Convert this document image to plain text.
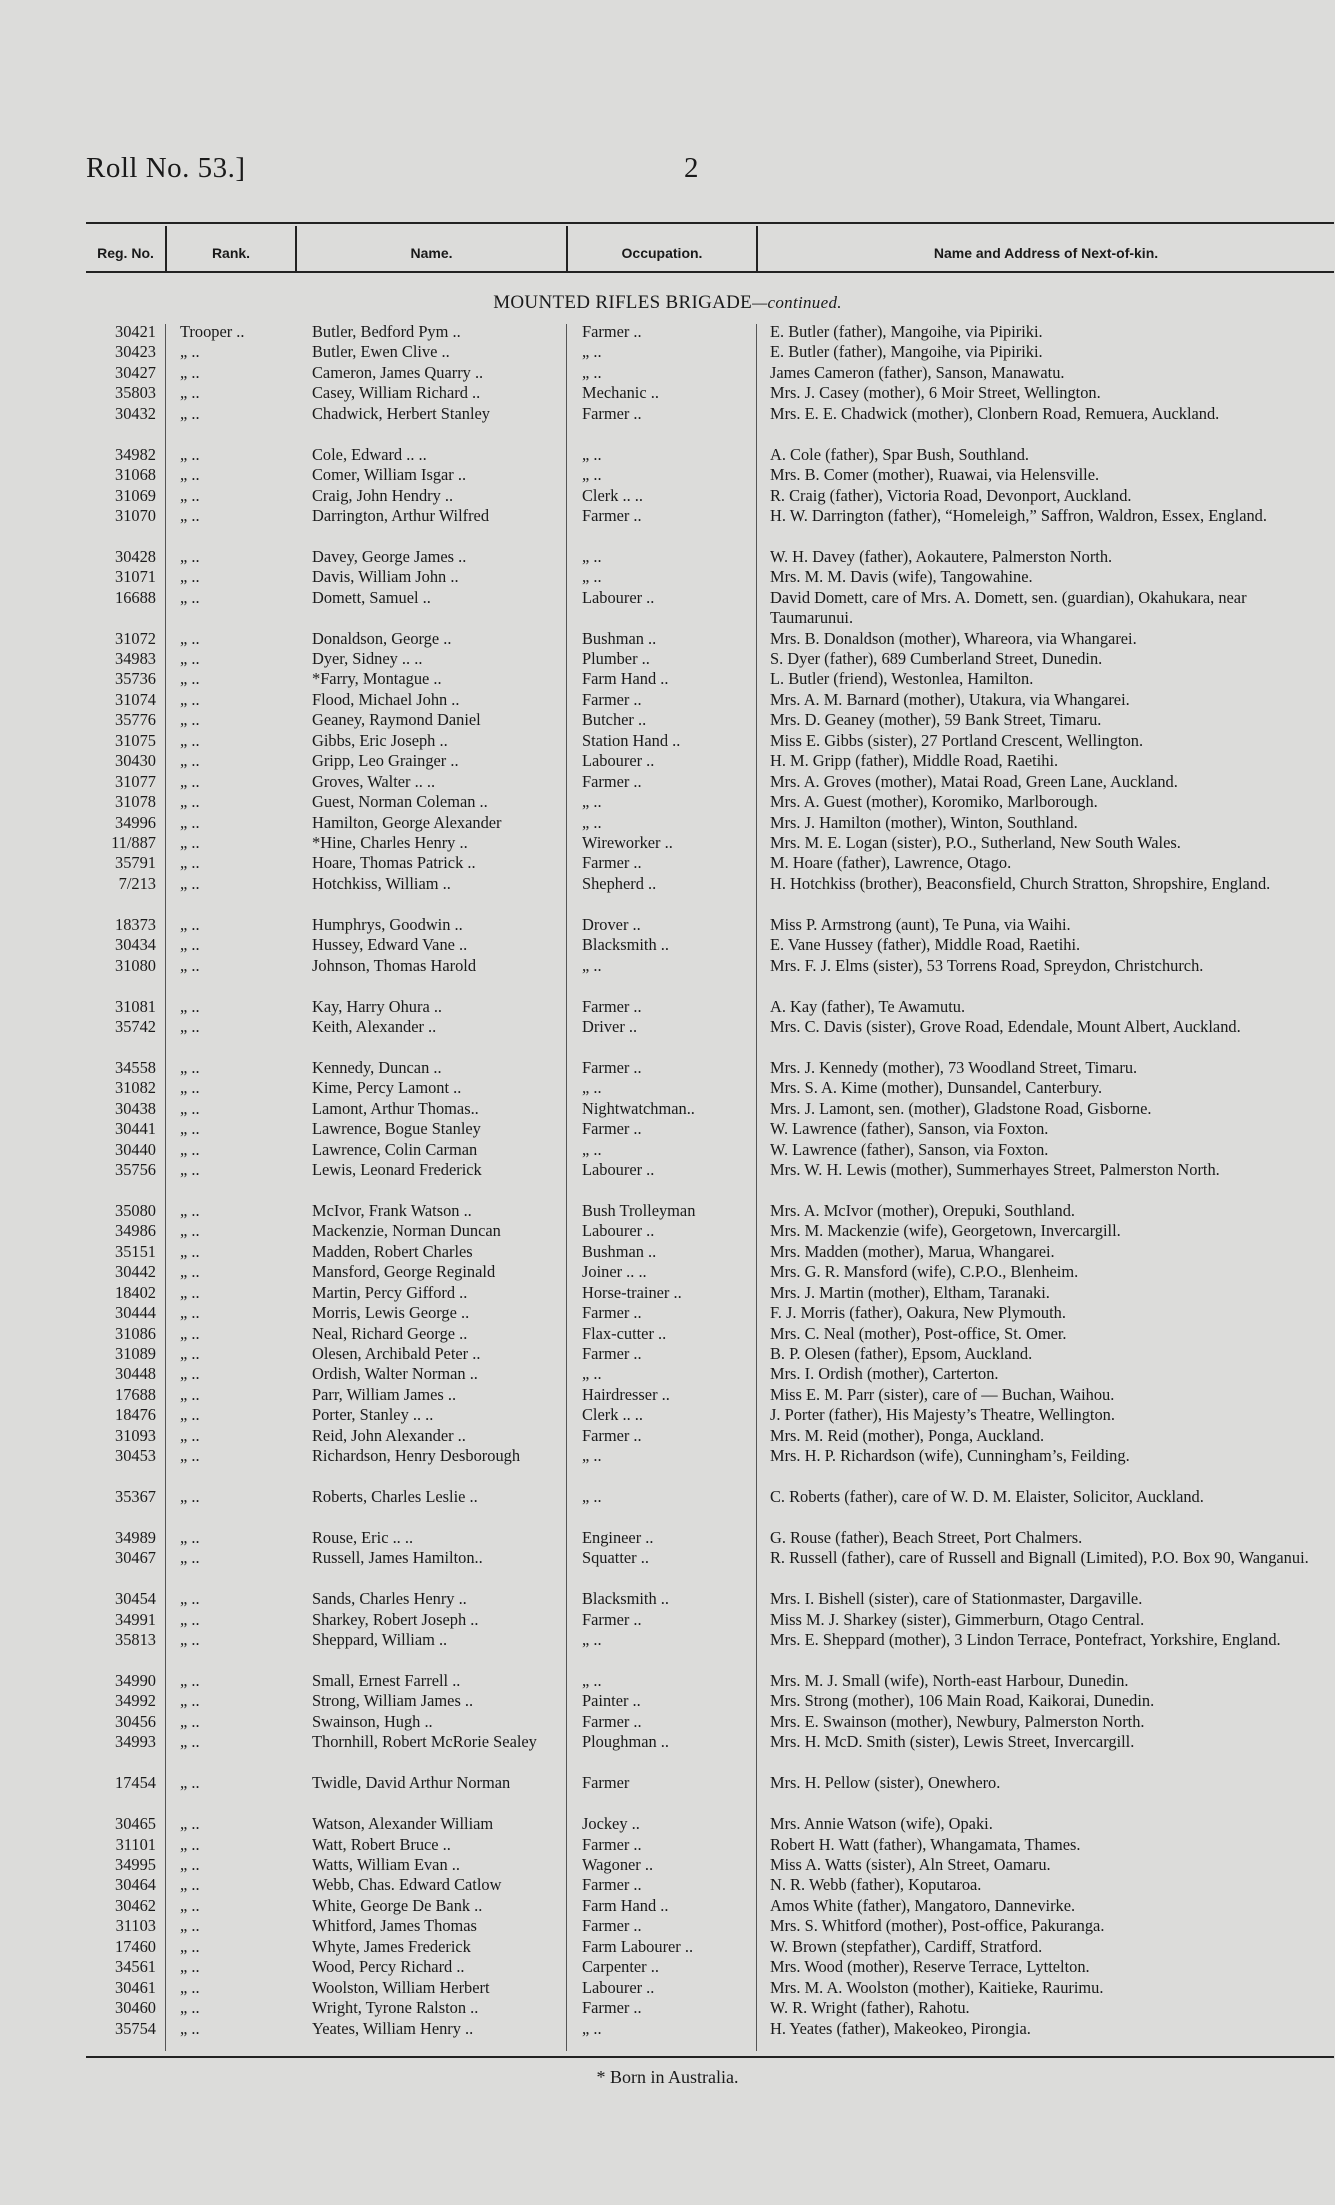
Roll No. 53.]	2
Reg. No.	Rank.	Name.	Occupation.	Name and Address of Next-of-kin.
MOUNTED RIFLES BRIGADE—continued.
30421 Trooper ..	Butler, Bedford Pym ..	Farmer ..	E. Butler (father), Mangoihe, via Pipiriki.
30423 „ ..	Butler, Ewen Clive ..	„ ..	E. Butler (father), Mangoihe, via Pipiriki.
30427 „ ..	Cameron, James Quarry ..	„ ..	James Cameron (father), Sanson, Manawatu.
35803 „ ..	Casey, William Richard ..	Mechanic ..	Mrs. J. Casey (mother), 6 Moir Street, Wellington.
30432 „ ..	Chadwick, Herbert Stanley	Farmer ..	Mrs. E. E. Chadwick (mother), Clonbern Road, Remuera, Auckland.
34982 „ ..	Cole, Edward .. ..	„ ..	A. Cole (father), Spar Bush, Southland.
31068 „ ..	Comer, William Isgar ..	„ ..	Mrs. B. Comer (mother), Ruawai, via Helensville.
31069 „ ..	Craig, John Hendry ..	Clerk .. ..	R. Craig (father), Victoria Road, Devonport, Auckland.
31070 „ ..	Darrington, Arthur Wilfred	Farmer ..	H. W. Darrington (father), “Homeleigh,” Saffron, Waldron, Essex, England.
30428 „ ..	Davey, George James ..	„ ..	W. H. Davey (father), Aokautere, Palmerston North.
31071 „ ..	Davis, William John ..	„ ..	Mrs. M. M. Davis (wife), Tangowahine.
16688 „ ..	Domett, Samuel ..	Labourer ..	David Domett, care of Mrs. A. Domett, sen. (guardian), Okahukara, near Taumarunui.
31072 „ ..	Donaldson, George ..	Bushman ..	Mrs. B. Donaldson (mother), Whareora, via Whangarei.
34983 „ ..	Dyer, Sidney .. ..	Plumber ..	S. Dyer (father), 689 Cumberland Street, Dunedin.
35736 „ ..	*Farry, Montague ..	Farm Hand ..	L. Butler (friend), Westonlea, Hamilton.
31074 „ ..	Flood, Michael John ..	Farmer ..	Mrs. A. M. Barnard (mother), Utakura, via Whangarei.
35776 „ ..	Geaney, Raymond Daniel	Butcher ..	Mrs. D. Geaney (mother), 59 Bank Street, Timaru.
31075 „ ..	Gibbs, Eric Joseph ..	Station Hand ..	Miss E. Gibbs (sister), 27 Portland Crescent, Wellington.
30430 „ ..	Gripp, Leo Grainger ..	Labourer ..	H. M. Gripp (father), Middle Road, Raetihi.
31077 „ ..	Groves, Walter .. ..	Farmer ..	Mrs. A. Groves (mother), Matai Road, Green Lane, Auckland.
31078 „ ..	Guest, Norman Coleman ..	„ ..	Mrs. A. Guest (mother), Koromiko, Marlborough.
34996 „ ..	Hamilton, George Alexander	„ ..	Mrs. J. Hamilton (mother), Winton, Southland.
11/887 „ ..	*Hine, Charles Henry ..	Wireworker ..	Mrs. M. E. Logan (sister), P.O., Sutherland, New South Wales.
35791 „ ..	Hoare, Thomas Patrick ..	Farmer ..	M. Hoare (father), Lawrence, Otago.
7/213 „ ..	Hotchkiss, William ..	Shepherd ..	H. Hotchkiss (brother), Beaconsfield, Church Stratton, Shropshire, England.
18373 „ ..	Humphrys, Goodwin ..	Drover ..	Miss P. Armstrong (aunt), Te Puna, via Waihi.
30434 „ ..	Hussey, Edward Vane ..	Blacksmith ..	E. Vane Hussey (father), Middle Road, Raetihi.
31080 „ ..	Johnson, Thomas Harold	„ ..	Mrs. F. J. Elms (sister), 53 Torrens Road, Spreydon, Christchurch.
31081 „ ..	Kay, Harry Ohura ..	Farmer ..	A. Kay (father), Te Awamutu.
35742 „ ..	Keith, Alexander ..	Driver ..	Mrs. C. Davis (sister), Grove Road, Edendale, Mount Albert, Auckland.
34558 „ ..	Kennedy, Duncan ..	Farmer ..	Mrs. J. Kennedy (mother), 73 Woodland Street, Timaru.
31082 „ ..	Kime, Percy Lamont ..	„ ..	Mrs. S. A. Kime (mother), Dunsandel, Canterbury.
30438 „ ..	Lamont, Arthur Thomas..	Nightwatchman..	Mrs. J. Lamont, sen. (mother), Gladstone Road, Gisborne.
30441 „ ..	Lawrence, Bogue Stanley	Farmer ..	W. Lawrence (father), Sanson, via Foxton.
30440 „ ..	Lawrence, Colin Carman	„ ..	W. Lawrence (father), Sanson, via Foxton.
35756 „ ..	Lewis, Leonard Frederick	Labourer ..	Mrs. W. H. Lewis (mother), Summerhayes Street, Palmerston North.
35080 „ ..	McIvor, Frank Watson ..	Bush Trolleyman	Mrs. A. McIvor (mother), Orepuki, Southland.
34986 „ ..	Mackenzie, Norman Duncan	Labourer ..	Mrs. M. Mackenzie (wife), Georgetown, Invercargill.
35151 „ ..	Madden, Robert Charles	Bushman ..	Mrs. Madden (mother), Marua, Whangarei.
30442 „ ..	Mansford, George Reginald	Joiner .. ..	Mrs. G. R. Mansford (wife), C.P.O., Blenheim.
18402 „ ..	Martin, Percy Gifford ..	Horse-trainer ..	Mrs. J. Martin (mother), Eltham, Taranaki.
30444 „ ..	Morris, Lewis George ..	Farmer ..	F. J. Morris (father), Oakura, New Plymouth.
31086 „ ..	Neal, Richard George ..	Flax-cutter ..	Mrs. C. Neal (mother), Post-office, St. Omer.
31089 „ ..	Olesen, Archibald Peter ..	Farmer ..	B. P. Olesen (father), Epsom, Auckland.
30448 „ ..	Ordish, Walter Norman ..	„ ..	Mrs. I. Ordish (mother), Carterton.
17688 „ ..	Parr, William James ..	Hairdresser ..	Miss E. M. Parr (sister), care of — Buchan, Waihou.
18476 „ ..	Porter, Stanley .. ..	Clerk .. ..	J. Porter (father), His Majesty’s Theatre, Wellington.
31093 „ ..	Reid, John Alexander ..	Farmer ..	Mrs. M. Reid (mother), Ponga, Auckland.
30453 „ ..	Richardson, Henry Desborough	„ ..	Mrs. H. P. Richardson (wife), Cunningham’s, Feilding.
35367 „ ..	Roberts, Charles Leslie ..	„ ..	C. Roberts (father), care of W. D. M. Elaister, Solicitor, Auckland.
34989 „ ..	Rouse, Eric .. ..	Engineer ..	G. Rouse (father), Beach Street, Port Chalmers.
30467 „ ..	Russell, James Hamilton..	Squatter ..	R. Russell (father), care of Russell and Bignall (Limited), P.O. Box 90, Wanganui.
30454 „ ..	Sands, Charles Henry ..	Blacksmith ..	Mrs. I. Bishell (sister), care of Stationmaster, Dargaville.
34991 „ ..	Sharkey, Robert Joseph ..	Farmer ..	Miss M. J. Sharkey (sister), Gimmerburn, Otago Central.
35813 „ ..	Sheppard, William ..	„ ..	Mrs. E. Sheppard (mother), 3 Lindon Terrace, Pontefract, Yorkshire, England.
34990 „ ..	Small, Ernest Farrell ..	„ ..	Mrs. M. J. Small (wife), North-east Harbour, Dunedin.
34992 „ ..	Strong, William James ..	Painter ..	Mrs. Strong (mother), 106 Main Road, Kaikorai, Dunedin.
30456 „ ..	Swainson, Hugh ..	Farmer ..	Mrs. E. Swainson (mother), Newbury, Palmerston North.
34993 „ ..	Thornhill, Robert McRorie Sealey	Ploughman ..	Mrs. H. McD. Smith (sister), Lewis Street, Invercargill.
17454 „ ..	Twidle, David Arthur Norman	Farmer	Mrs. H. Pellow (sister), Onewhero.
30465 „ ..	Watson, Alexander William	Jockey ..	Mrs. Annie Watson (wife), Opaki.
31101 „ ..	Watt, Robert Bruce ..	Farmer ..	Robert H. Watt (father), Whangamata, Thames.
34995 „ ..	Watts, William Evan ..	Wagoner ..	Miss A. Watts (sister), Aln Street, Oamaru.
30464 „ ..	Webb, Chas. Edward Catlow	Farmer ..	N. R. Webb (father), Koputaroa.
30462 „ ..	White, George De Bank ..	Farm Hand ..	Amos White (father), Mangatoro, Dannevirke.
31103 „ ..	Whitford, James Thomas	Farmer ..	Mrs. S. Whitford (mother), Post-office, Pakuranga.
17460 „ ..	Whyte, James Frederick	Farm Labourer ..	W. Brown (stepfather), Cardiff, Stratford.
34561 „ ..	Wood, Percy Richard ..	Carpenter ..	Mrs. Wood (mother), Reserve Terrace, Lyttelton.
30461 „ ..	Woolston, William Herbert	Labourer ..	Mrs. M. A. Woolston (mother), Kaitieke, Raurimu.
30460 „ ..	Wright, Tyrone Ralston ..	Farmer ..	W. R. Wright (father), Rahotu.
35754 „ ..	Yeates, William Henry ..	„ ..	H. Yeates (father), Makeokeo, Pirongia.
* Born in Australia.
